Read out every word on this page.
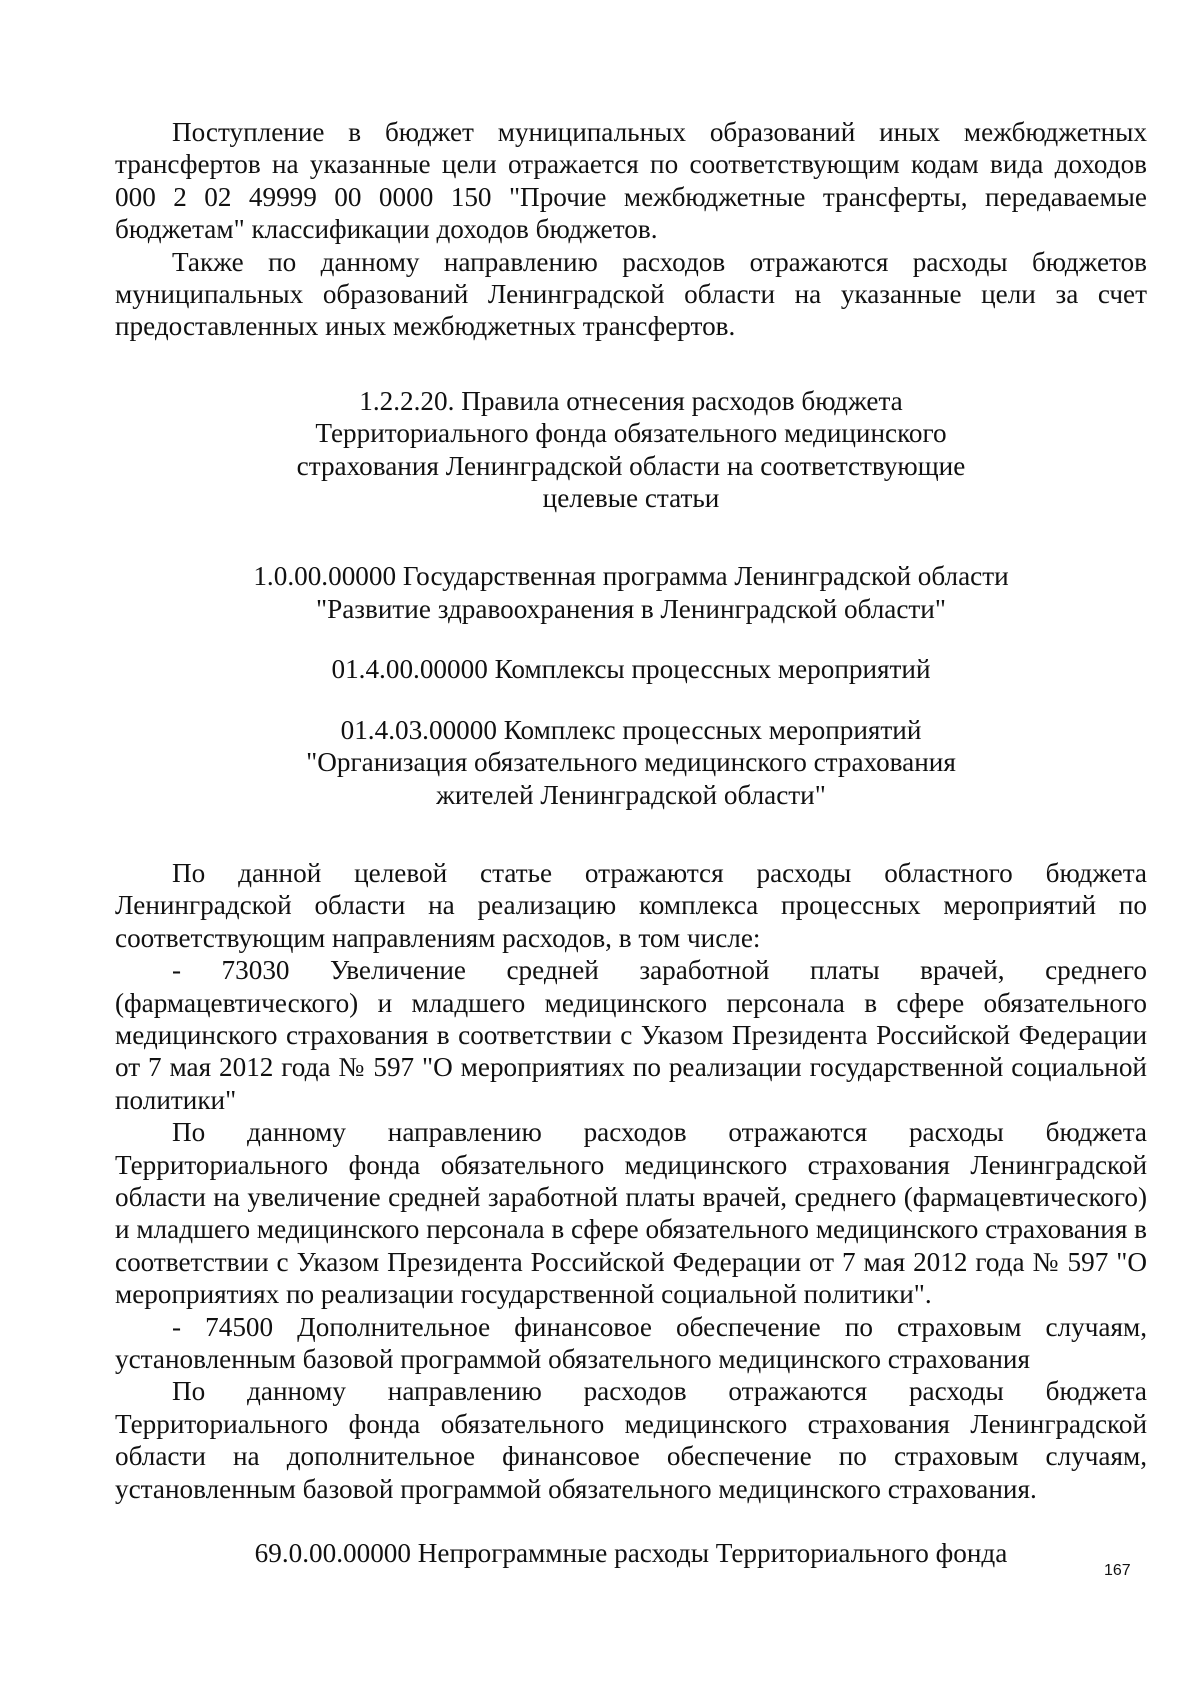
Поступление в бюджет муниципальных образований иных межбюджетных трансфертов на указанные цели отражается по соответствующим кодам вида доходов 000 2 02 49999 00 0000 150 "Прочие межбюджетные трансферты, передаваемые бюджетам" классификации доходов бюджетов.

Также по данному направлению расходов отражаются расходы бюджетов муниципальных образований Ленинградской области на указанные цели за счет предоставленных иных межбюджетных трансфертов.

1.2.2.20. Правила отнесения расходов бюджета

Территориального фонда обязательного медицинского

страхования Ленинградской области на соответствующие

целевые статьи

1.0.00.00000 Государственная программа Ленинградской области

"Развитие здравоохранения в Ленинградской области"

01.4.00.00000 Комплексы процессных мероприятий

01.4.03.00000 Комплекс процессных мероприятий

"Организация обязательного медицинского страхования

жителей Ленинградской области"

По данной целевой статье отражаются расходы областного бюджета Ленинградской области на реализацию комплекса процессных мероприятий по соответствующим направлениям расходов, в том числе:

- 73030 Увеличение средней заработной платы врачей, среднего (фармацевтического) и младшего медицинского персонала в сфере обязательного медицинского страхования в соответствии с Указом Президента Российской Федерации от 7 мая 2012 года № 597 "О мероприятиях по реализации государственной социальной политики"

По данному направлению расходов отражаются расходы бюджета Территориального фонда обязательного медицинского страхования Ленинградской области на увеличение средней заработной платы врачей, среднего (фармацевтического) и младшего медицинского персонала в сфере обязательного медицинского страхования в соответствии с Указом Президента Российской Федерации от 7 мая 2012 года № 597 "О мероприятиях по реализации государственной социальной политики".

- 74500 Дополнительное финансовое обеспечение по страховым случаям, установленным базовой программой обязательного медицинского страхования

По данному направлению расходов отражаются расходы бюджета Территориального фонда обязательного медицинского страхования Ленинградской области на дополнительное финансовое обеспечение по страховым случаям, установленным базовой программой обязательного медицинского страхования.

69.0.00.00000 Непрограммные расходы Территориального фонда

167
